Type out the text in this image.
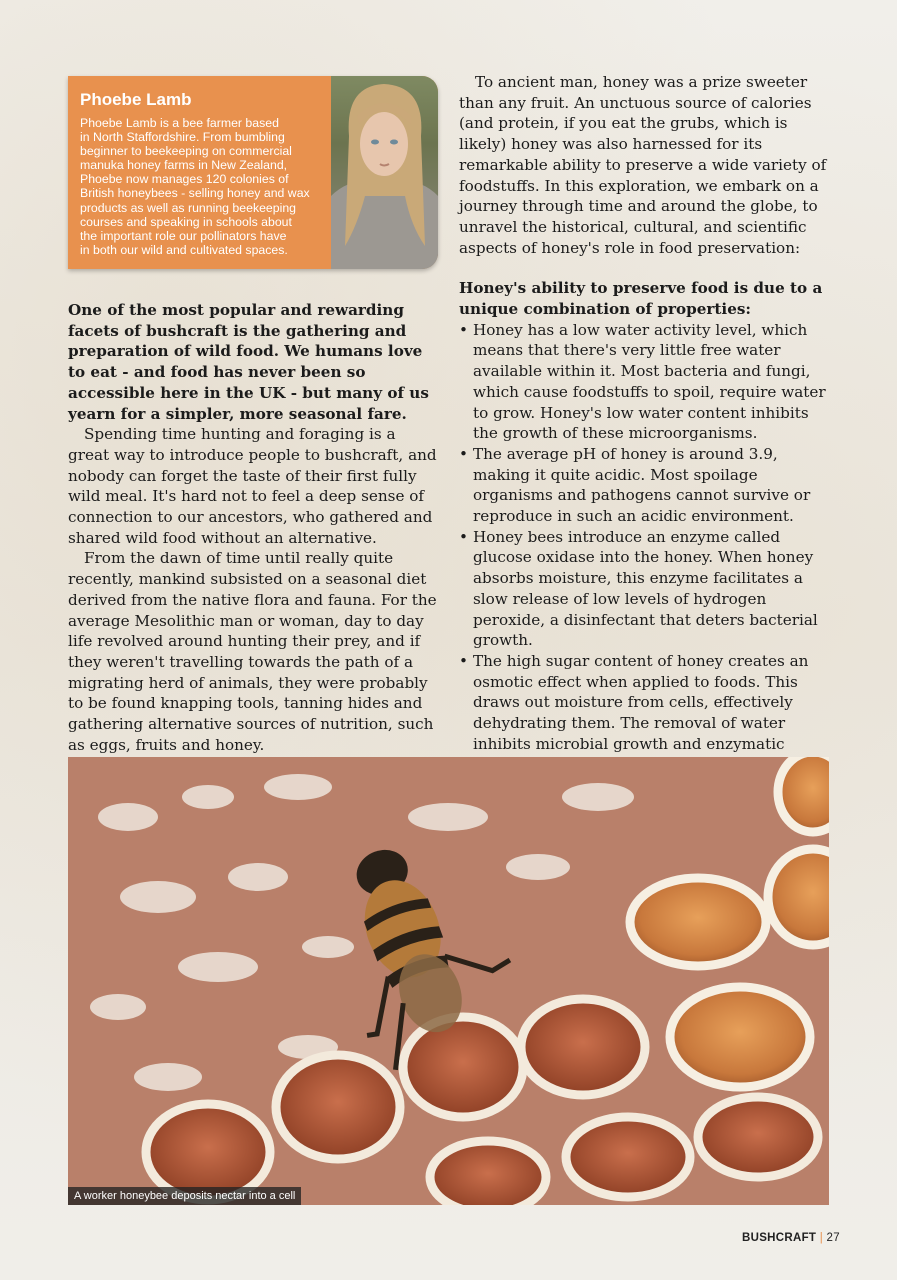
Phoebe Lamb
Phoebe Lamb is a bee farmer based
in North Staffordshire. From bumbling
beginner to beekeeping on commercial
manuka honey farms in New Zealand,
Phoebe now manages 120 colonies of
British honeybees - selling honey and wax
products as well as running beekeeping
courses and speaking in schools about
the important role our pollinators have
in both our wild and cultivated spaces.

One of the most popular and rewarding facets of bushcraft is the gathering and preparation of wild food. We humans love to eat - and food has never been so accessible here in the UK - but many of us yearn for a simpler, more seasonal fare.

Spending time hunting and foraging is a great way to introduce people to bushcraft, and nobody can forget the taste of their first fully wild meal. It's hard not to feel a deep sense of connection to our ancestors, who gathered and shared wild food without an alternative.

From the dawn of time until really quite recently, mankind subsisted on a seasonal diet derived from the native flora and fauna. For the average Mesolithic man or woman, day to day life revolved around hunting their prey, and if they weren't travelling towards the path of a migrating herd of animals, they were probably to be found knapping tools, tanning hides and gathering alternative sources of nutrition, such as eggs, fruits and honey.

To ancient man, honey was a prize sweeter than any fruit. An unctuous source of calories (and protein, if you eat the grubs, which is likely) honey was also harnessed for its remarkable ability to preserve a wide variety of foodstuffs. In this exploration, we embark on a journey through time and around the globe, to unravel the historical, cultural, and scientific aspects of honey's role in food preservation:

Honey's ability to preserve food is due to a unique combination of properties:

• Honey has a low water activity level, which means that there's very little free water available within it. Most bacteria and fungi, which cause foodstuffs to spoil, require water to grow. Honey's low water content inhibits the growth of these microorganisms.
• The average pH of honey is around 3.9, making it quite acidic. Most spoilage organisms and pathogens cannot survive or reproduce in such an acidic environment.
• Honey bees introduce an enzyme called glucose oxidase into the honey. When honey absorbs moisture, this enzyme facilitates a slow release of low levels of hydrogen peroxide, a disinfectant that deters bacterial growth.
• The high sugar content of honey creates an osmotic effect when applied to foods. This draws out moisture from cells, effectively dehydrating them. The removal of water inhibits microbial growth and enzymatic
A worker honeybee deposits nectar into a cell
BUSHCRAFT | 27
